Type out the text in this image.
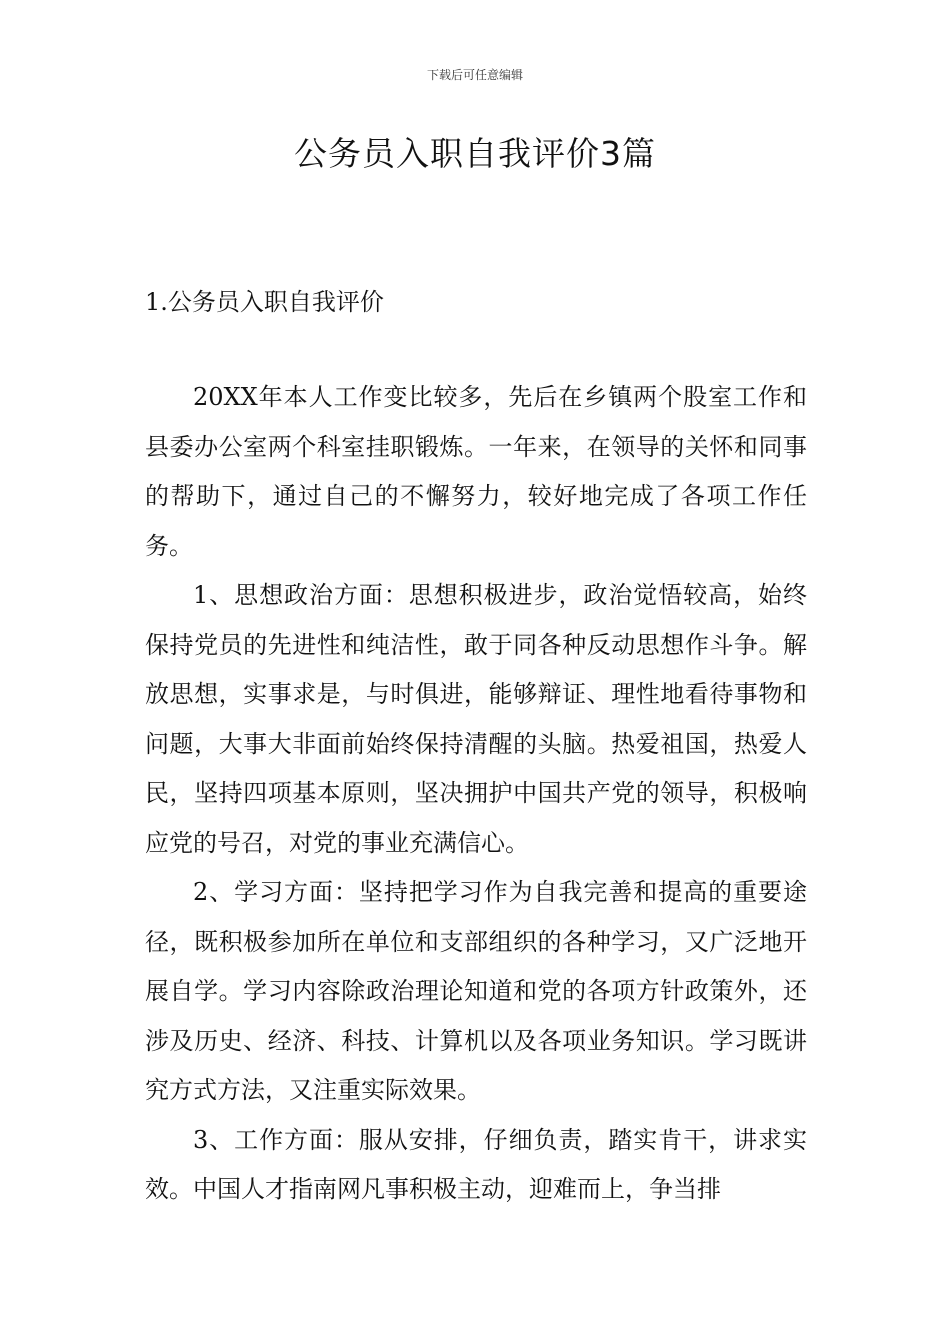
下载后可任意编辑
公务员入职自我评价3篇
1.公务员入职自我评价

20XX年本人工作变比较多，先后在乡镇两个股室工作和县委办公室两个科室挂职锻炼。一年来，在领导的关怀和同事的帮助下，通过自己的不懈努力，较好地完成了各项工作任务。

1、思想政治方面：思想积极进步，政治觉悟较高，始终保持党员的先进性和纯洁性，敢于同各种反动思想作斗争。解放思想，实事求是，与时俱进，能够辩证、理性地看待事物和问题，大事大非面前始终保持清醒的头脑。热爱祖国，热爱人民，坚持四项基本原则，坚决拥护中国共产党的领导，积极响应党的号召，对党的事业充满信心。

2、学习方面：坚持把学习作为自我完善和提高的重要途径，既积极参加所在单位和支部组织的各种学习，又广泛地开展自学。学习内容除政治理论知道和党的各项方针政策外，还涉及历史、经济、科技、计算机以及各项业务知识。学习既讲究方式方法，又注重实际效果。

3、工作方面：服从安排，仔细负责，踏实肯干，讲求实效。中国人才指南网凡事积极主动，迎难而上，争当排
